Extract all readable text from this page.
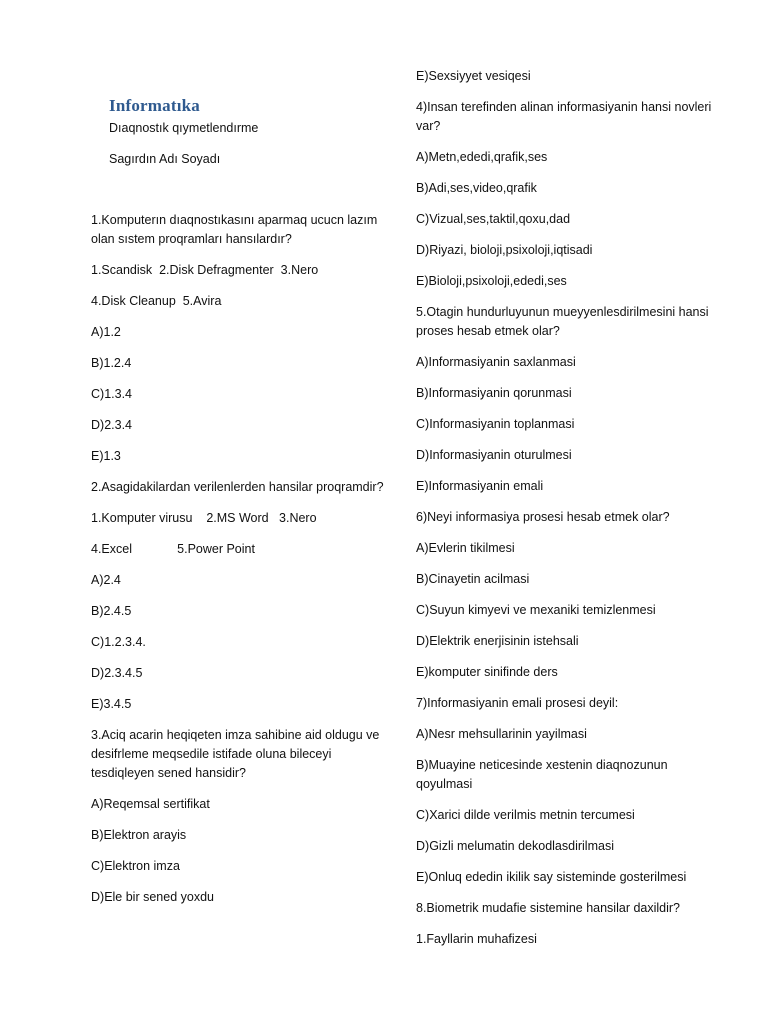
Informatıka
Dıaqnostık qıymetlendırme
Sagırdın Adı Soyadı

1.Komputerın dıaqnostıkasını aparmaq ucucn lazım olan sıstem proqramları hansılardır?

1.Scandisk  2.Disk Defragmenter  3.Nero

4.Disk Cleanup  5.Avira

A)1.2

B)1.2.4

C)1.3.4

D)2.3.4

E)1.3

2.Asagidakilardan verilenlerden hansilar proqramdir?

1.Komputer virusu    2.MS Word   3.Nero

4.Excel             5.Power Point

A)2.4

B)2.4.5

C)1.2.3.4.

D)2.3.4.5

E)3.4.5

3.Aciq acarin heqiqeten imza sahibine aid oldugu ve desifrleme meqsedile istifade oluna bileceyi tesdiqleyen sened hansidir?

A)Reqemsal sertifikat

B)Elektron arayis

C)Elektron imza

D)Ele bir sened yoxdu

E)Sexsiyyet vesiqesi

4)Insan terefinden alinan informasiyanin hansi novleri var?

A)Metn,ededi,qrafik,ses

B)Adi,ses,video,qrafik

C)Vizual,ses,taktil,qoxu,dad

D)Riyazi, bioloji,psixoloji,iqtisadi

E)Bioloji,psixoloji,ededi,ses

5.Otagin hundurluyunun mueyyenlesdirilmesini hansi proses hesab etmek olar?

A)Informasiyanin saxlanmasi

B)Informasiyanin qorunmasi

C)Informasiyanin toplanmasi

D)Informasiyanin oturulmesi

E)Informasiyanin emali

6)Neyi informasiya prosesi hesab etmek olar?

A)Evlerin tikilmesi

B)Cinayetin acilmasi

C)Suyun kimyevi ve mexaniki temizlenmesi

D)Elektrik enerjisinin istehsali

E)komputer sinifinde ders

7)Informasiyanin emali prosesi deyil:

A)Nesr mehsullarinin yayilmasi

B)Muayine neticesinde xestenin diaqnozunun qoyulmasi

C)Xarici dilde verilmis metnin tercumesi

D)Gizli melumatin dekodlasdirilmasi

E)Onluq ededin ikilik say sisteminde gosterilmesi

8.Biometrik mudafie sistemine hansilar daxildir?

1.Fayllarin muhafizesi
